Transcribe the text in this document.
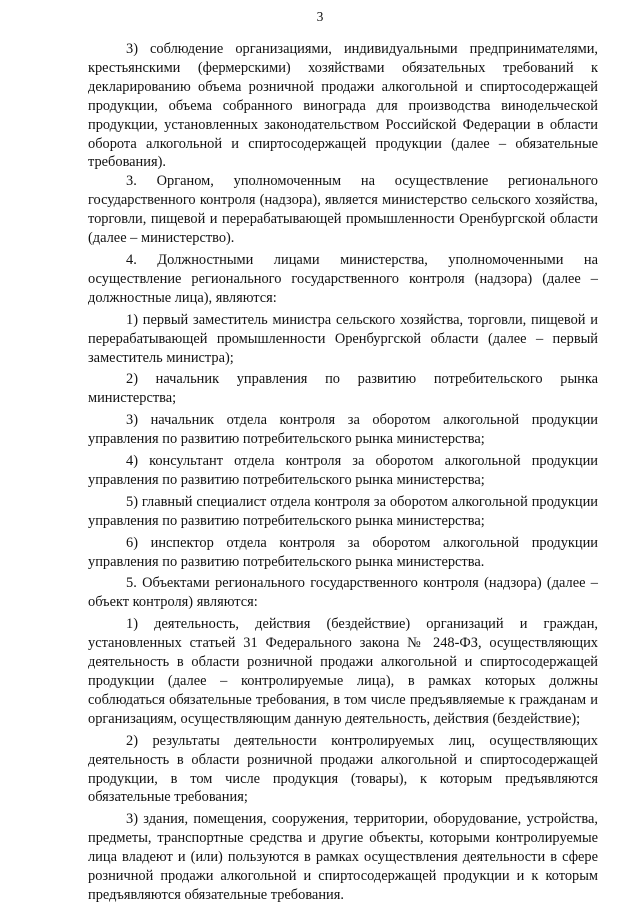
3

3) соблюдение организациями, индивидуальными предпринимателями, крестьянскими (фермерскими) хозяйствами обязательных требований к декларированию объема розничной продажи алкогольной и спиртосодержащей продукции, объема собранного винограда для производства винодельческой продукции, установленных законодательством Российской Федерации в области оборота алкогольной и спиртосодержащей продукции (далее – обязательные требования).

3. Органом, уполномоченным на осуществление регионального государственного контроля (надзора), является министерство сельского хозяйства, торговли, пищевой и перерабатывающей промышленности Оренбургской области (далее – министерство).

4. Должностными лицами министерства, уполномоченными на осуществление регионального государственного контроля (надзора) (далее – должностные лица), являются:

1) первый заместитель министра сельского хозяйства, торговли, пищевой и перерабатывающей промышленности Оренбургской области (далее – первый заместитель министра);

2) начальник управления по развитию потребительского рынка министерства;

3) начальник отдела контроля за оборотом алкогольной продукции управления по развитию потребительского рынка министерства;

4) консультант отдела контроля за оборотом алкогольной продукции управления по развитию потребительского рынка министерства;

5) главный специалист отдела контроля за оборотом алкогольной продукции управления по развитию потребительского рынка министерства;

6) инспектор отдела контроля за оборотом алкогольной продукции управления по развитию потребительского рынка министерства.

5. Объектами регионального государственного контроля (надзора) (далее – объект контроля) являются:

1) деятельность, действия (бездействие) организаций и граждан, установленных статьей 31 Федерального закона № 248-ФЗ, осуществляющих деятельность в области розничной продажи алкогольной и спиртосодержащей продукции (далее – контролируемые лица), в рамках которых должны соблюдаться обязательные требования, в том числе предъявляемые к гражданам и организациям, осуществляющим данную деятельность, действия (бездействие);

2) результаты деятельности контролируемых лиц, осуществляющих деятельность в области розничной продажи алкогольной и спиртосодержащей продукции, в том числе продукция (товары), к которым предъявляются обязательные требования;

3) здания, помещения, сооружения, территории, оборудование, устройства, предметы, транспортные средства и другие объекты, которыми контролируемые лица владеют и (или) пользуются в рамках осуществления деятельности в сфере розничной продажи алкогольной и спиртосодержащей продукции и к которым предъявляются обязательные требования.
